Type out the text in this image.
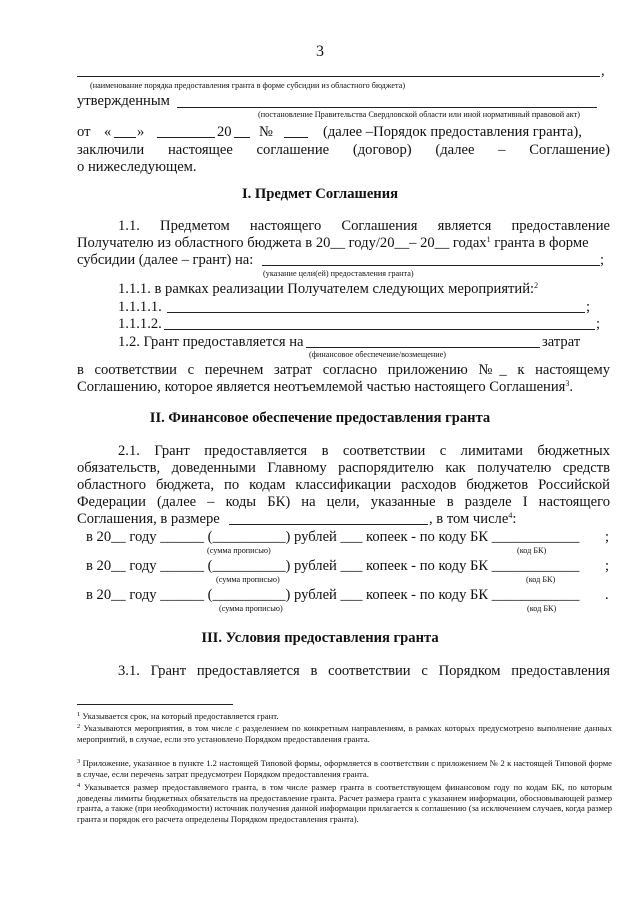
3
,
(наименование порядка предоставления гранта в форме субсидии из областного бюджета)
утвержденным
(постановление Правительства Свердловской области или иной нормативный правовой акт)
от « »	20 №	(далее –Порядок предоставления гранта),
заключили настоящее соглашение (договор) (далее – Соглашение)
о нижеследующем.
I. Предмет Соглашения
1.1. Предметом настоящего Соглашения является предоставление
Получателю из областного бюджета в 20__ году/20__– 20__ годах$^1$ гранта в форме
субсидии (далее – грант) на:	;
(указание цели(ей) предоставления гранта)
1.1.1. в рамках реализации Получателем следующих мероприятий:$^2$
1.1.1.1.	;
1.1.1.2.	;
1.2. Грант предоставляется на	затрат
(финансовое обеспечение/возмещение)
в соответствии с перечнем затрат согласно приложению №_ к настоящему
Соглашению, которое является неотъемлемой частью настоящего Соглашения$^3$.
II. Финансовое обеспечение предоставления гранта
2.1. Грант предоставляется в соответствии с лимитами бюджетных
обязательств, доведенными Главному распорядителю как получателю средств
областного бюджета, по кодам классификации расходов бюджетов Российской
Федерации (далее – коды БК) на цели, указанные в разделе I настоящего
Соглашения, в размере	, в том числе$^4$:
в 20__ году ______ (__________) рублей ___ копеек - по коду БК ____________ ;
(сумма прописью)	(код БК)
в 20__ году ______ (__________) рублей ___ копеек - по коду БК ____________ ;
(сумма прописью)	(код БК)
в 20__ году ______ (__________) рублей ___ копеек - по коду БК ____________ .
(сумма прописью)	(код БК)
III. Условия предоставления гранта
3.1. Грант предоставляется в соответствии с Порядком предоставления
$^1$ Указывается срок, на который предоставляется грант.
$^2$ Указываются мероприятия, в том числе с разделением по конкретным направлениям, в рамках которых предусмотрено выполнение данных мероприятий, в случае, если это установлено Порядком предоставления гранта.
$^3$ Приложение, указанное в пункте 1.2 настоящей Типовой формы, оформляется в соответствии с приложением № 2 к настоящей Типовой форме в случае, если перечень затрат предусмотрен Порядком предоставления гранта.
$^4$ Указывается размер предоставляемого гранта, в том числе размер гранта в соответствующем финансовом году по кодам БК, по которым доведены лимиты бюджетных обязательств на предоставление гранта. Расчет размера гранта с указанием информации, обосновывающей размер гранта, а также (при необходимости) источник получения данной информации прилагается к соглашению (за исключением случаев, когда размер гранта и порядок его расчета определены Порядком предоставления гранта).
